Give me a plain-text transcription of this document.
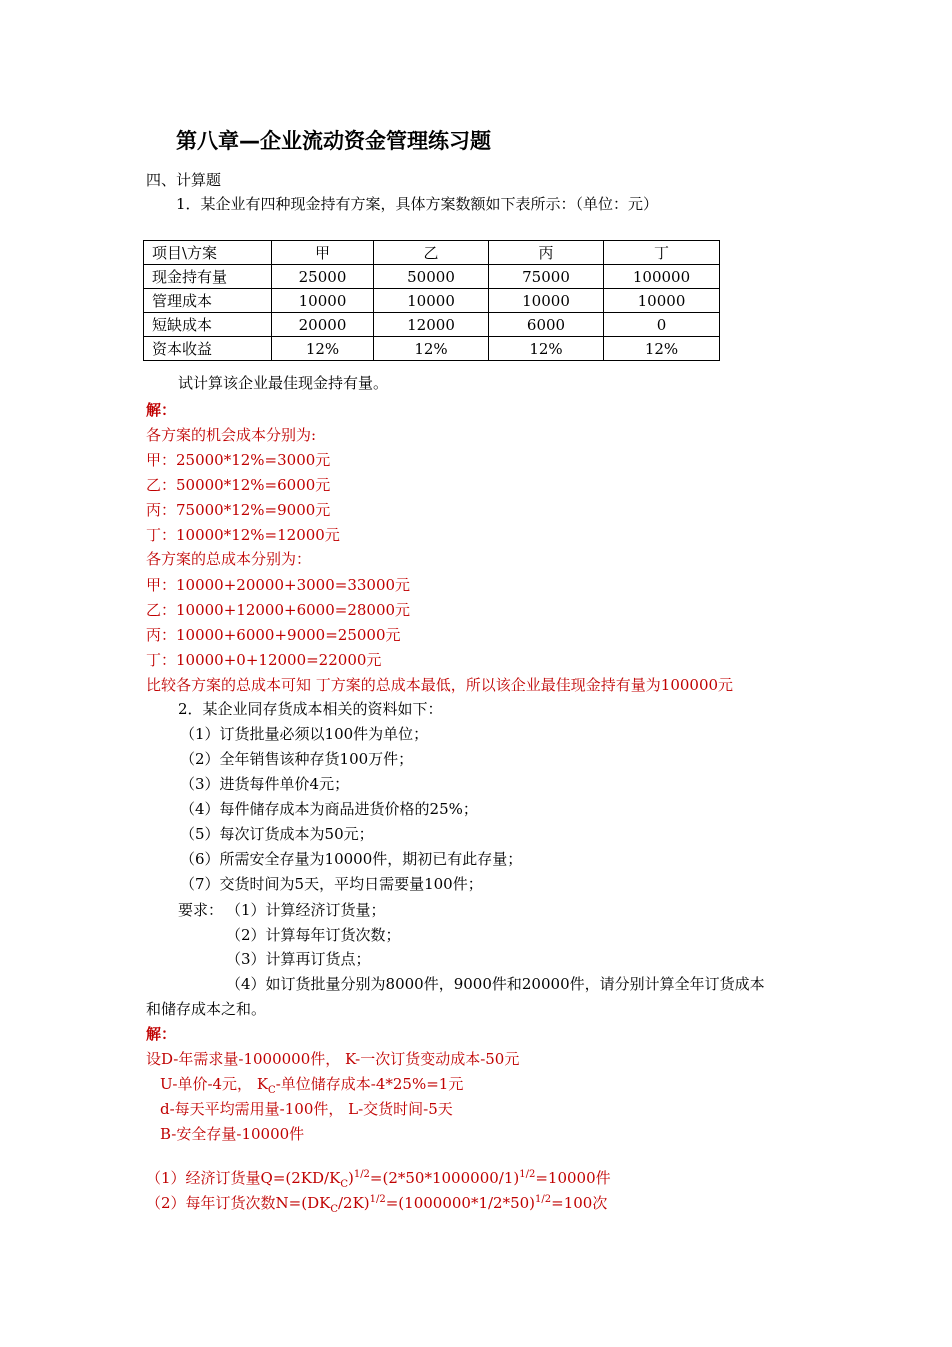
第八章—企业流动资金管理练习题
四、计算题
1．某企业有四种现金持有方案，具体方案数额如下表所示：（单位：元）
项目\方案	甲	乙	丙	丁
现金持有量	25000	50000	75000	100000
管理成本	10000	10000	10000	10000
短缺成本	20000	12000	6000	0
资本收益	12%	12%	12%	12%
试计算该企业最佳现金持有量。
解：
各方案的机会成本分别为:
甲：25000*12%=3000元
乙：50000*12%=6000元
丙：75000*12%=9000元
丁：10000*12%=12000元
各方案的总成本分别为：
甲：10000+20000+3000=33000元
乙：10000+12000+6000=28000元
丙：10000+6000+9000=25000元
丁：10000+0+12000=22000元
比较各方案的总成本可知 丁方案的总成本最低，所以该企业最佳现金持有量为100000元
2．某企业同存货成本相关的资料如下：
（1）订货批量必须以100件为单位；
（2）全年销售该种存货100万件；
（3）进货每件单价4元；
（4）每件储存成本为商品进货价格的25%；
（5）每次订货成本为50元；
（6）所需安全存量为10000件，期初已有此存量；
（7）交货时间为5天，平均日需要量100件；
要求： （1）计算经济订货量；
（2）计算每年订货次数；
（3）计算再订货点；
（4）如订货批量分别为8000件，9000件和20000件，请分别计算全年订货成本
和储存成本之和。
解：
设D-年需求量-1000000件， K-一次订货变动成本-50元
U-单价-4元， $K_C-$单位储存成本-4*25%=1元
d-每天平均需用量-100件， L-交货时间-5天
B-安全存量-10000件
（1）经济订货量$Q=(2KD/K_C)^{1/2}=(2*50*1000000/1)^{1/2}=10000$件
（2）每年订货次数$N=(DK_C/2K)^{1/2}=(1000000*1/2*50)^{1/2}=100$次
